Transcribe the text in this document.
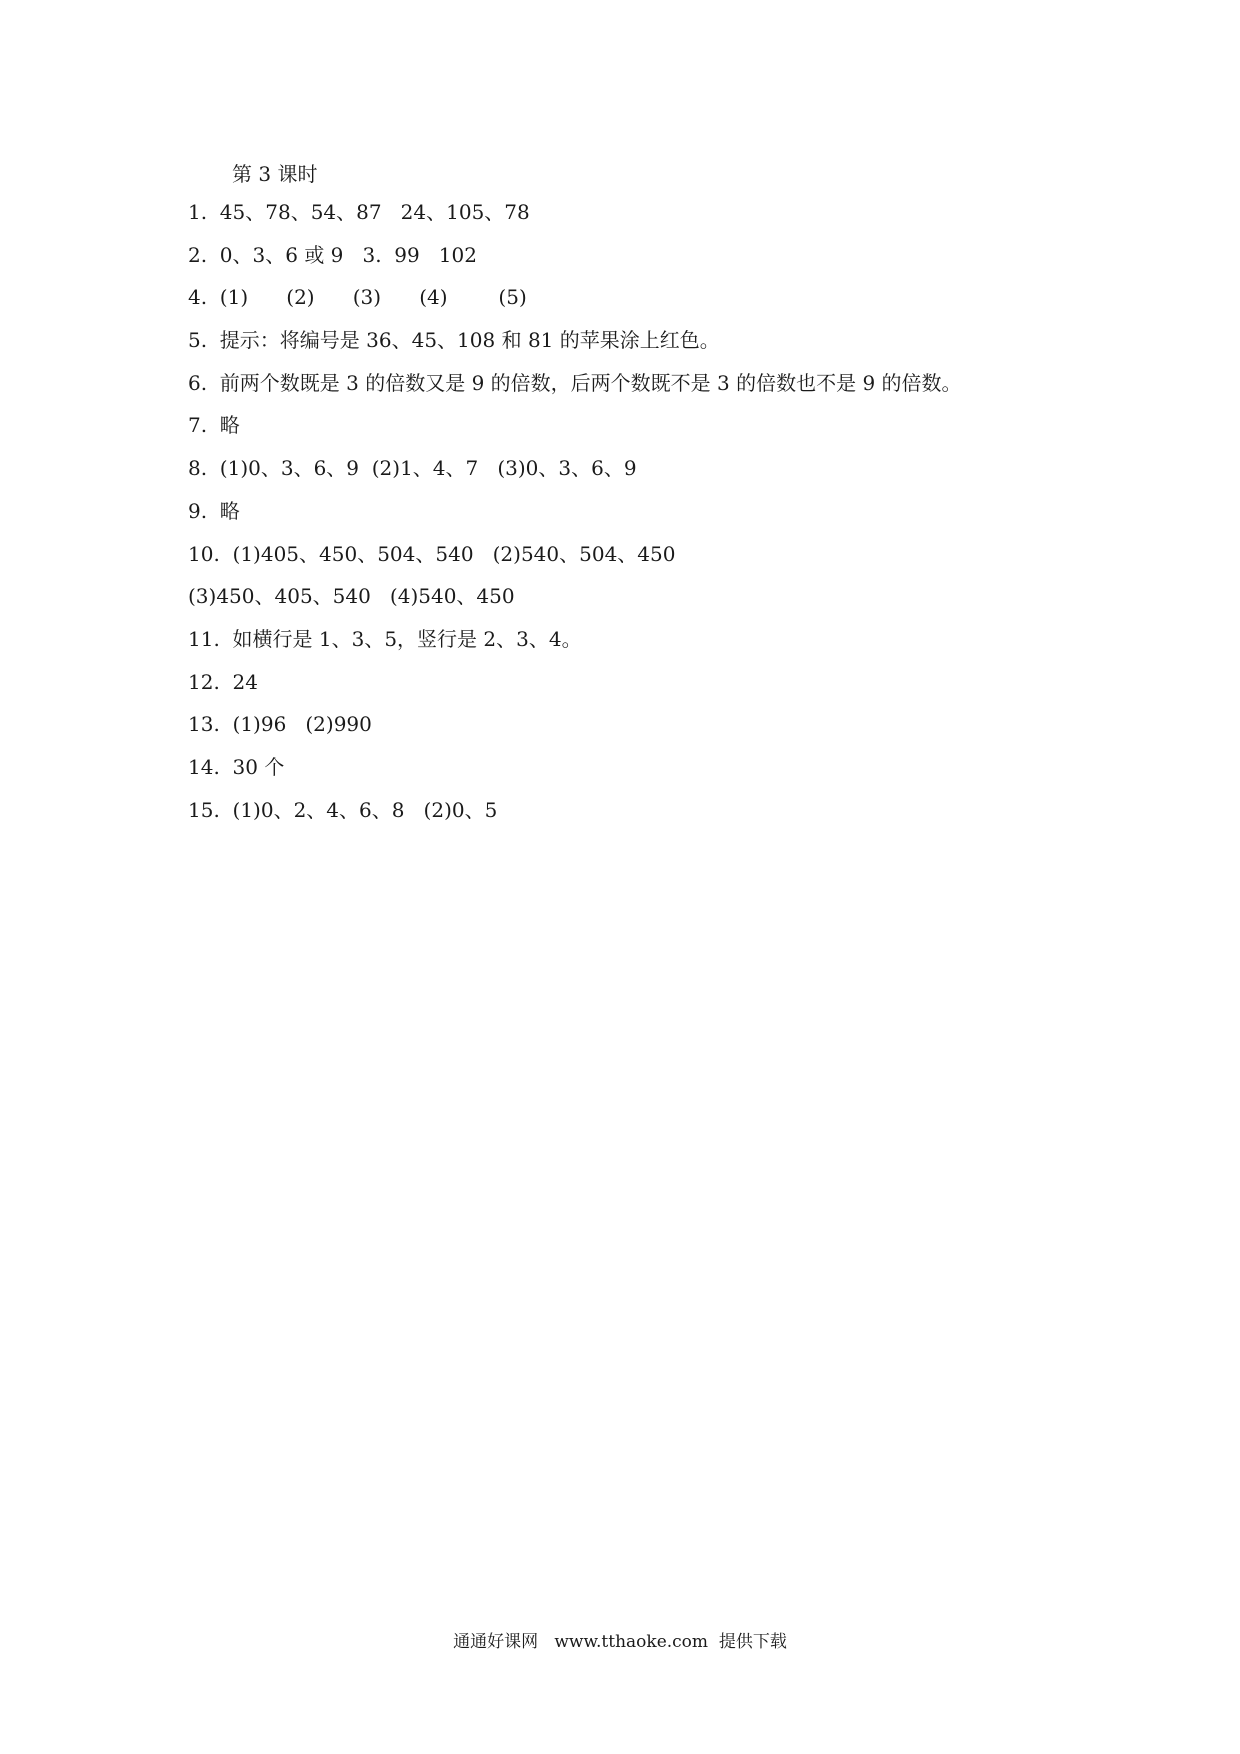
第 3 课时
1.  45、78、54、87   24、105、78
2.  0、3、6 或 9   3.  99   102
4.  (1)      (2)      (3)      (4)        (5)
5.  提示：将编号是 36、45、108 和 81 的苹果涂上红色。
6.  前两个数既是 3 的倍数又是 9 的倍数，后两个数既不是 3 的倍数也不是 9 的倍数。
7.  略
8.  (1)0、3、6、9  (2)1、4、7   (3)0、3、6、9
9.  略
10.  (1)405、450、504、540   (2)540、504、450
(3)450、405、540   (4)540、450
11.  如横行是 1、3、5，竖行是 2、3、4。
12.  24
13.  (1)96   (2)990
14.  30 个
15.  (1)0、2、4、6、8   (2)0、5
通通好课网   www.tthaoke.com  提供下载
